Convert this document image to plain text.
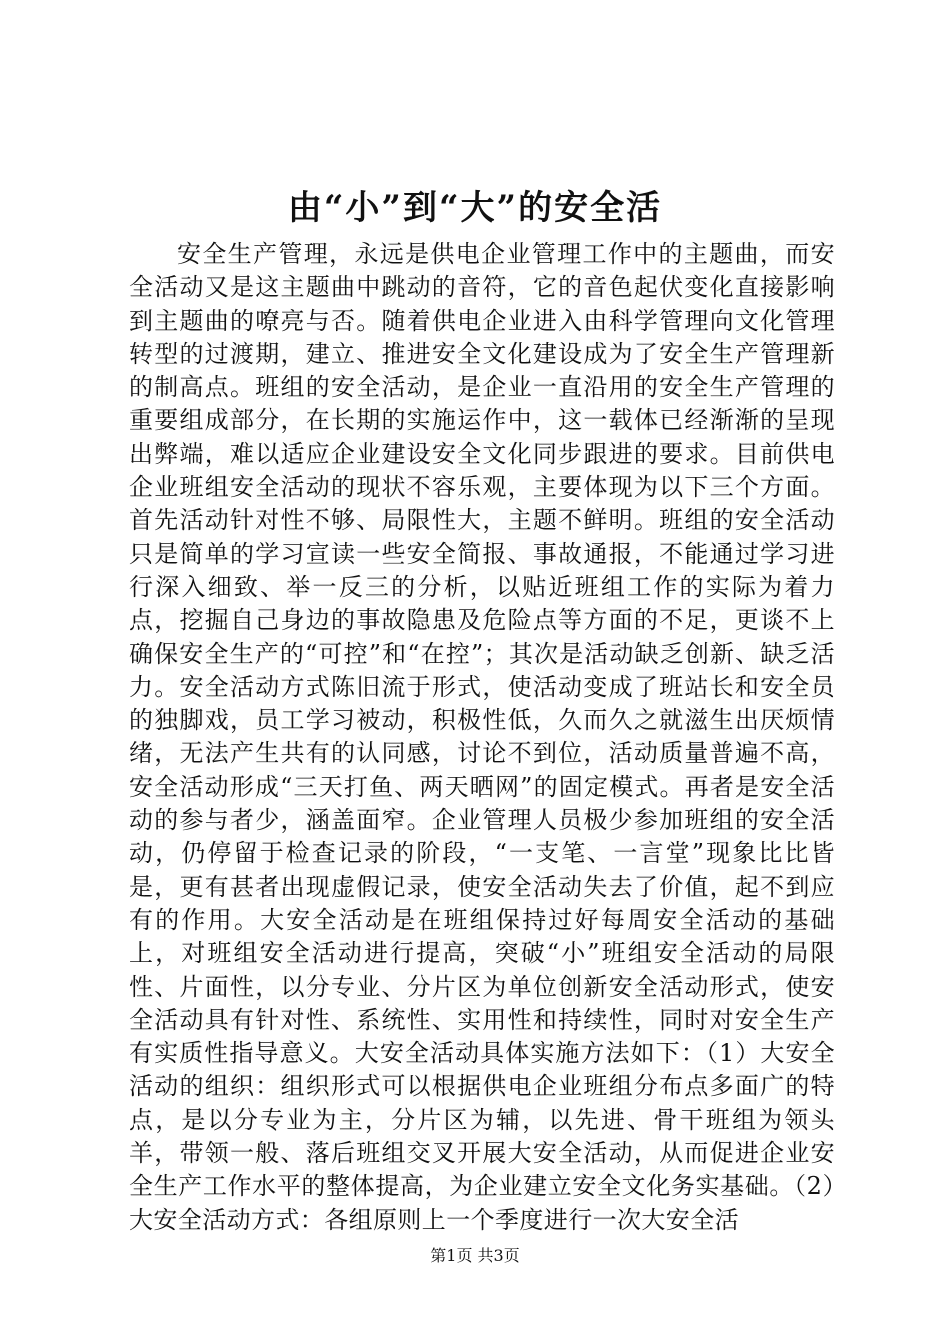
由“小”到“大”的安全活

安全生产管理，永远是供电企业管理工作中的主题曲，而安全活动又是这主题曲中跳动的音符，它的音色起伏变化直接影响到主题曲的嘹亮与否。随着供电企业进入由科学管理向文化管理转型的过渡期，建立、推进安全文化建设成为了安全生产管理新的制高点。班组的安全活动，是企业一直沿用的安全生产管理的重要组成部分，在长期的实施运作中，这一载体已经渐渐的呈现出弊端，难以适应企业建设安全文化同步跟进的要求。目前供电企业班组安全活动的现状不容乐观，主要体现为以下三个方面。首先活动针对性不够、局限性大，主题不鲜明。班组的安全活动只是简单的学习宣读一些安全简报、事故通报，不能通过学习进行深入细致、举一反三的分析，以贴近班组工作的实际为着力点，挖掘自己身边的事故隐患及危险点等方面的不足，更谈不上确保安全生产的“可控”和“在控”；其次是活动缺乏创新、缺乏活力。安全活动方式陈旧流于形式，使活动变成了班站长和安全员的独脚戏，员工学习被动，积极性低，久而久之就滋生出厌烦情绪，无法产生共有的认同感，讨论不到位，活动质量普遍不高，安全活动形成“三天打鱼、两天晒网”的固定模式。再者是安全活动的参与者少，涵盖面窄。企业管理人员极少参加班组的安全活动，仍停留于检查记录的阶段，“一支笔、一言堂”现象比比皆是，更有甚者出现虚假记录，使安全活动失去了价值，起不到应有的作用。大安全活动是在班组保持过好每周安全活动的基础上，对班组安全活动进行提高，突破“小”班组安全活动的局限性、片面性，以分专业、分片区为单位创新安全活动形式，使安全活动具有针对性、系统性、实用性和持续性，同时对安全生产有实质性指导意义。大安全活动具体实施方法如下：（1）大安全活动的组织：组织形式可以根据供电企业班组分布点多面广的特点，是以分专业为主，分片区为辅，以先进、骨干班组为领头羊，带领一般、落后班组交叉开展大安全活动，从而促进企业安全生产工作水平的整体提高，为企业建立安全文化务实基础。（2）大安全活动方式：各组原则上一个季度进行一次大安全活

第1页 共3页
